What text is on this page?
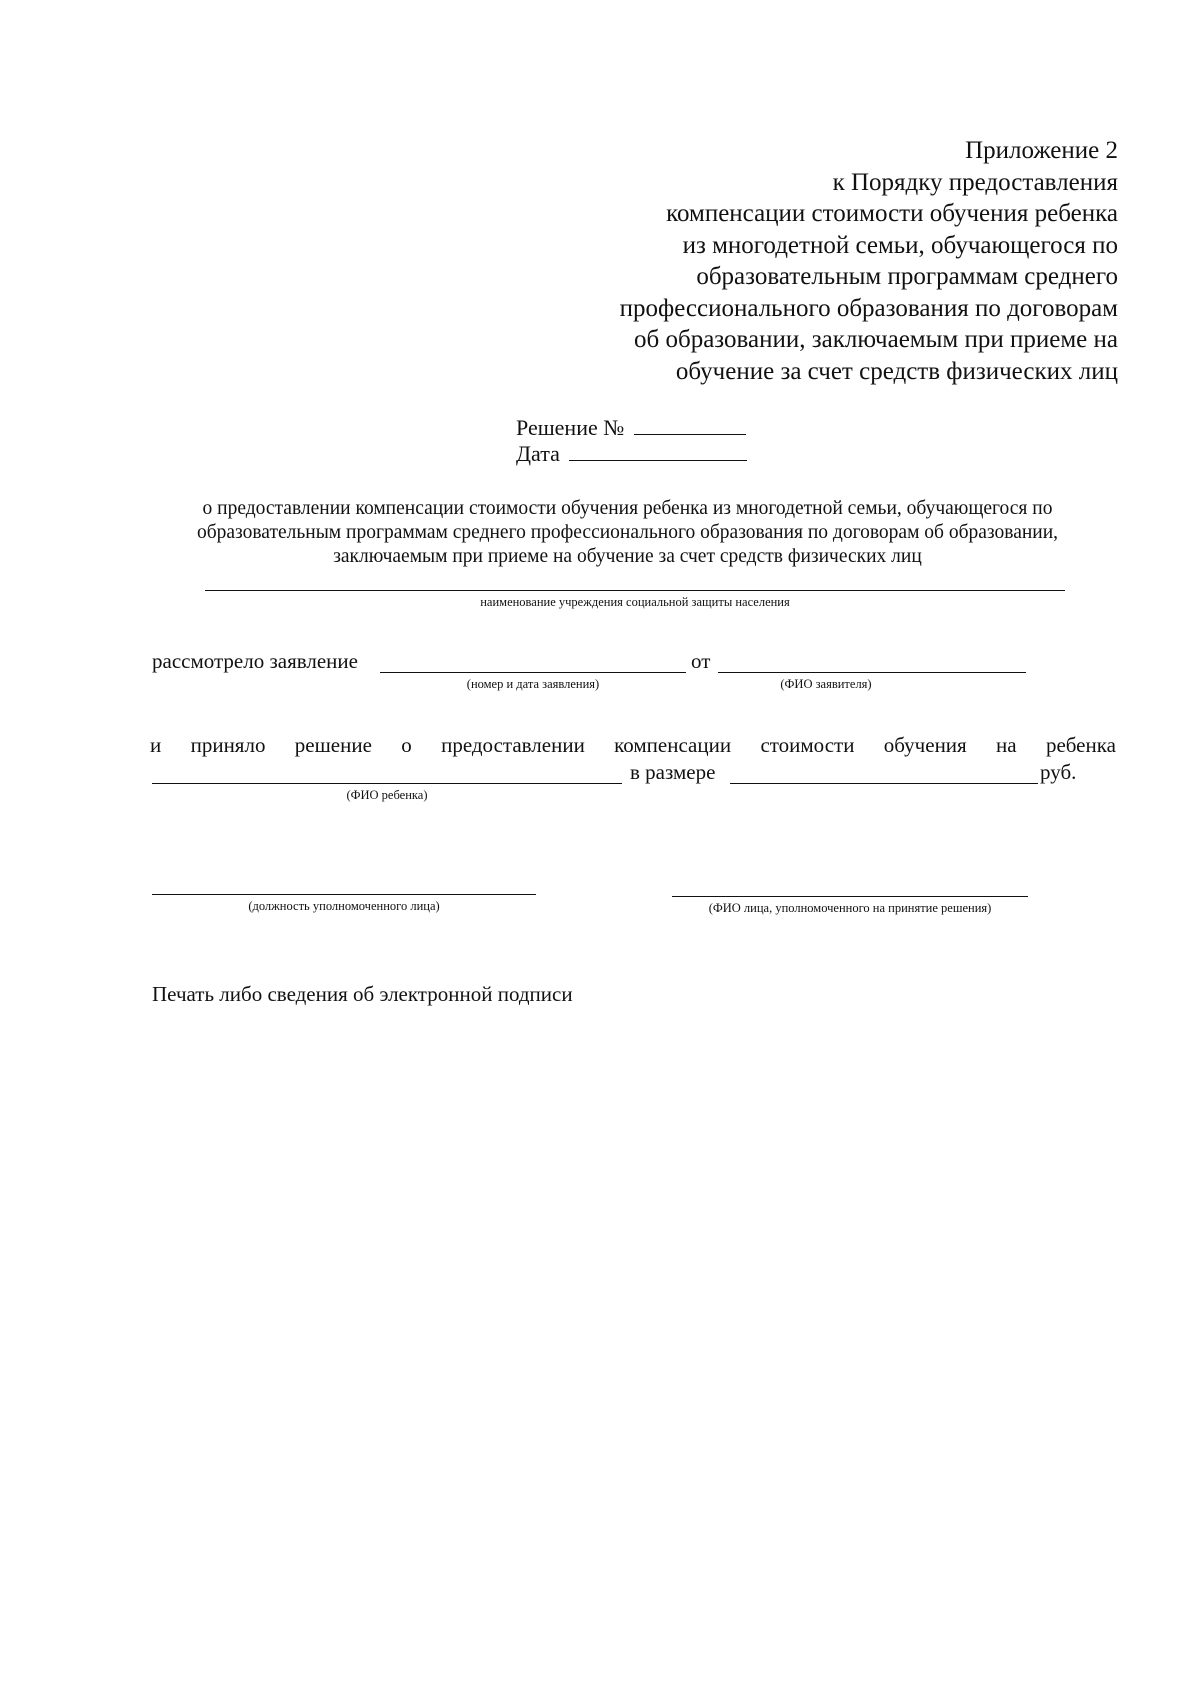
Приложение 2
к Порядку предоставления
компенсации стоимости обучения ребенка
из многодетной семьи, обучающегося по
образовательным программам среднего
профессионального образования по договорам
об образовании, заключаемым при приеме на
обучение за счет средств физических лиц
Решение №
Дата
о предоставлении компенсации стоимости обучения ребенка из многодетной семьи, обучающегося по
образовательным программам среднего профессионального образования по договорам об образовании,
заключаемым при приеме на обучение за счет средств физических лиц
наименование учреждения социальной защиты населения
рассмотрело заявление	от
(номер и дата заявления)	(ФИО заявителя)
и приняло решение о предоставлении компенсации стоимости обучения на ребенка
в размере	руб.
(ФИО ребенка)
(должность уполномоченного лица)	(ФИО лица, уполномоченного на принятие решения)
Печать либо сведения об электронной подписи
